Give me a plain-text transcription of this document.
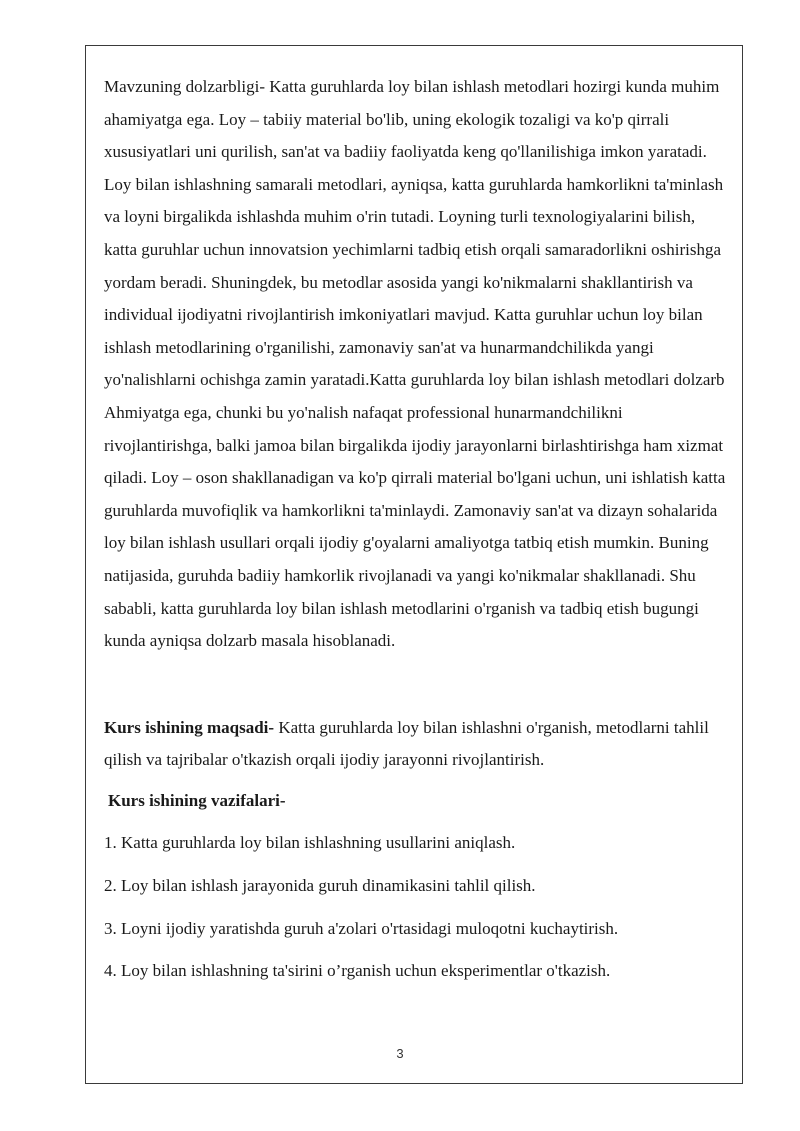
Mavzuning dolzarbligi- Katta guruhlarda loy bilan ishlash metodlari hozirgi kunda muhim ahamiyatga ega. Loy – tabiiy material bo'lib, uning ekologik tozaligi va ko'p qirrali xususiyatlari uni qurilish, san'at va badiiy faoliyatda keng qo'llanilishiga imkon yaratadi. Loy bilan ishlashning samarali metodlari, ayniqsa, katta guruhlarda hamkorlikni ta'minlash va loyni birgalikda ishlashda muhim o'rin tutadi. Loyning turli texnologiyalarini bilish, katta guruhlar uchun innovatsion yechimlarni tadbiq etish orqali samaradorlikni oshirishga yordam beradi. Shuningdek, bu metodlar asosida yangi ko'nikmalarni shakllantirish va individual ijodiyatni rivojlantirish imkoniyatlari mavjud. Katta guruhlar uchun loy bilan ishlash metodlarining o'rganilishi, zamonaviy san'at va hunarmandchilikda yangi yo'nalishlarni ochishga zamin yaratadi.Katta guruhlarda loy bilan ishlash metodlari dolzarb Ahmiyatga ega, chunki bu yo'nalish nafaqat professional hunarmandchilikni rivojlantirishga, balki jamoa bilan birgalikda ijodiy jarayonlarni birlashtirishga ham xizmat qiladi. Loy – oson shakllanadigan va ko'p qirrali material bo'lgani uchun, uni ishlatish katta guruhlarda muvofiqlik va hamkorlikni ta'minlaydi. Zamonaviy san'at va dizayn sohalarida loy bilan ishlash usullari orqali ijodiy g'oyalarni amaliyotga tatbiq etish mumkin. Buning natijasida, guruhda badiiy hamkorlik rivojlanadi va yangi ko'nikmalar shakllanadi. Shu sababli, katta guruhlarda loy bilan ishlash metodlarini o'rganish va tadbiq etish bugungi kunda ayniqsa dolzarb masala hisoblanadi.

Kurs ishining maqsadi- Katta guruhlarda loy bilan ishlashni o'rganish, metodlarni tahlil qilish va tajribalar o'tkazish orqali ijodiy jarayonni rivojlantirish.

Kurs ishining vazifalari-

1. Katta guruhlarda loy bilan ishlashning usullarini aniqlash.

2. Loy bilan ishlash jarayonida guruh dinamikasini tahlil qilish.

3. Loyni ijodiy yaratishda guruh a'zolari o'rtasidagi muloqotni kuchaytirish.

4. Loy bilan ishlashning ta'sirini o’rganish uchun eksperimentlar o'tkazish.

3
